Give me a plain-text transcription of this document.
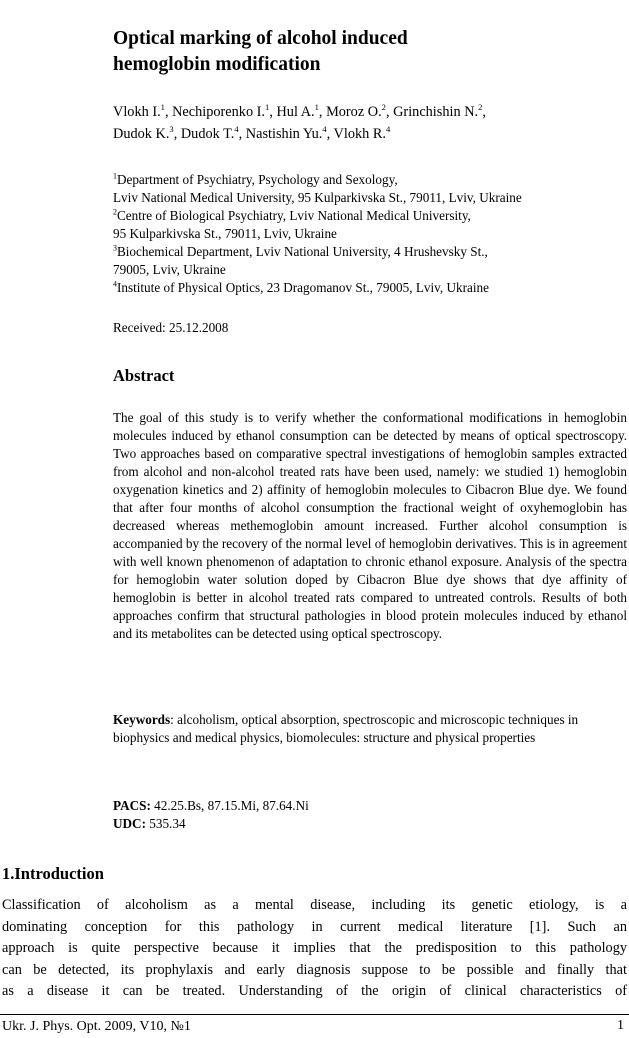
Optical marking of alcohol induced
hemoglobin modification
Vlokh I.$^1$, Nechiporenko I.$^1$, Hul A.$^1$, Moroz O.$^2$, Grinchishin N.$^2$,
Dudok K.$^3$, Dudok T.$^4$, Nastishin Yu.$^4$, Vlokh R.$^4$
$^1$Department of Psychiatry, Psychology and Sexology,
Lviv National Medical University, 95 Kulparkivska St., 79011, Lviv, Ukraine
$^2$Centre of Biological Psychiatry, Lviv National Medical University,
95 Kulparkivska St., 79011, Lviv, Ukraine
$^3$Biochemical Department, Lviv National University, 4 Hrushevsky St.,
79005, Lviv, Ukraine
$^4$Institute of Physical Optics, 23 Dragomanov St., 79005, Lviv, Ukraine
Received: 25.12.2008
Abstract

The goal of this study is to verify whether the conformational modifications in hemoglobin molecules induced by ethanol consumption can be detected by means of optical spectroscopy. Two approaches based on comparative spectral investigations of hemoglobin samples extracted from alcohol and non-alcohol treated rats have been used, namely: we studied 1) hemoglobin oxygenation kinetics and 2) affinity of hemoglobin molecules to Cibacron Blue dye. We found that after four months of alcohol consumption the fractional weight of oxyhemoglobin has decreased whereas methemoglobin amount increased. Further alcohol consumption is accompanied by the recovery of the normal level of hemoglobin derivatives. This is in agreement with well known phenomenon of adaptation to chronic ethanol exposure. Analysis of the spectra for hemoglobin water solution doped by Cibacron Blue dye shows that dye affinity of hemoglobin is better in alcohol treated rats compared to untreated controls. Results of both approaches confirm that structural pathologies in blood protein molecules induced by ethanol and its metabolites can be detected using optical spectroscopy.

Keywords: alcoholism, optical absorption, spectroscopic and microscopic techniques in biophysics and medical physics, biomolecules: structure and physical properties
PACS: 42.25.Bs, 87.15.Mi, 87.64.Ni
UDC: 535.34
1.Introduction

Classification of alcoholism as a mental disease, including its genetic etiology, is a

dominating conception for this pathology in current medical literature [1]. Such an

approach is quite perspective because it implies that the predisposition to this pathology

can be detected, its prophylaxis and early diagnosis suppose to be possible and finally that

as a disease it can be treated. Understanding of the origin of clinical characteristics of

Ukr. J. Phys. Opt. 2009, V10, №1	1
